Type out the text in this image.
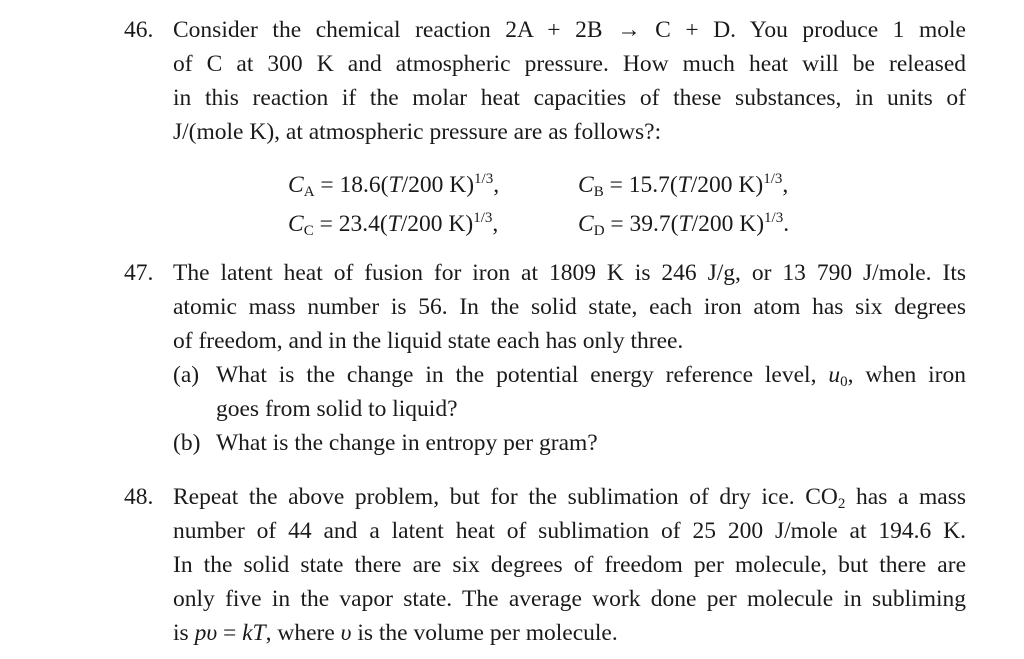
46. Consider the chemical reaction 2A + 2B → C + D. You produce 1 mole
of C at 300 K and atmospheric pressure. How much heat will be released
in this reaction if the molar heat capacities of these substances, in units of
J/(mole K), at atmospheric pressure are as follows?:
CA = 18.6(T/200 K)$^{1/3}$,	CB = 15.7(T/200 K)$^{1/3}$,
CC = 23.4(T/200 K)$^{1/3}$,	CD = 39.7(T/200 K)$^{1/3}$.
47. The latent heat of fusion for iron at 1809 K is 246 J/g, or 13 790 J/mole. Its
atomic mass number is 56. In the solid state, each iron atom has six degrees
of freedom, and in the liquid state each has only three.
(a) What is the change in the potential energy reference level, u0, when iron
goes from solid to liquid?
(b) What is the change in entropy per gram?
48. Repeat the above problem, but for the sublimation of dry ice. CO2 has a mass
number of 44 and a latent heat of sublimation of 25 200 J/mole at 194.6 K.
In the solid state there are six degrees of freedom per molecule, but there are
only five in the vapor state. The average work done per molecule in subliming
is pυ = kT, where υ is the volume per molecule.
